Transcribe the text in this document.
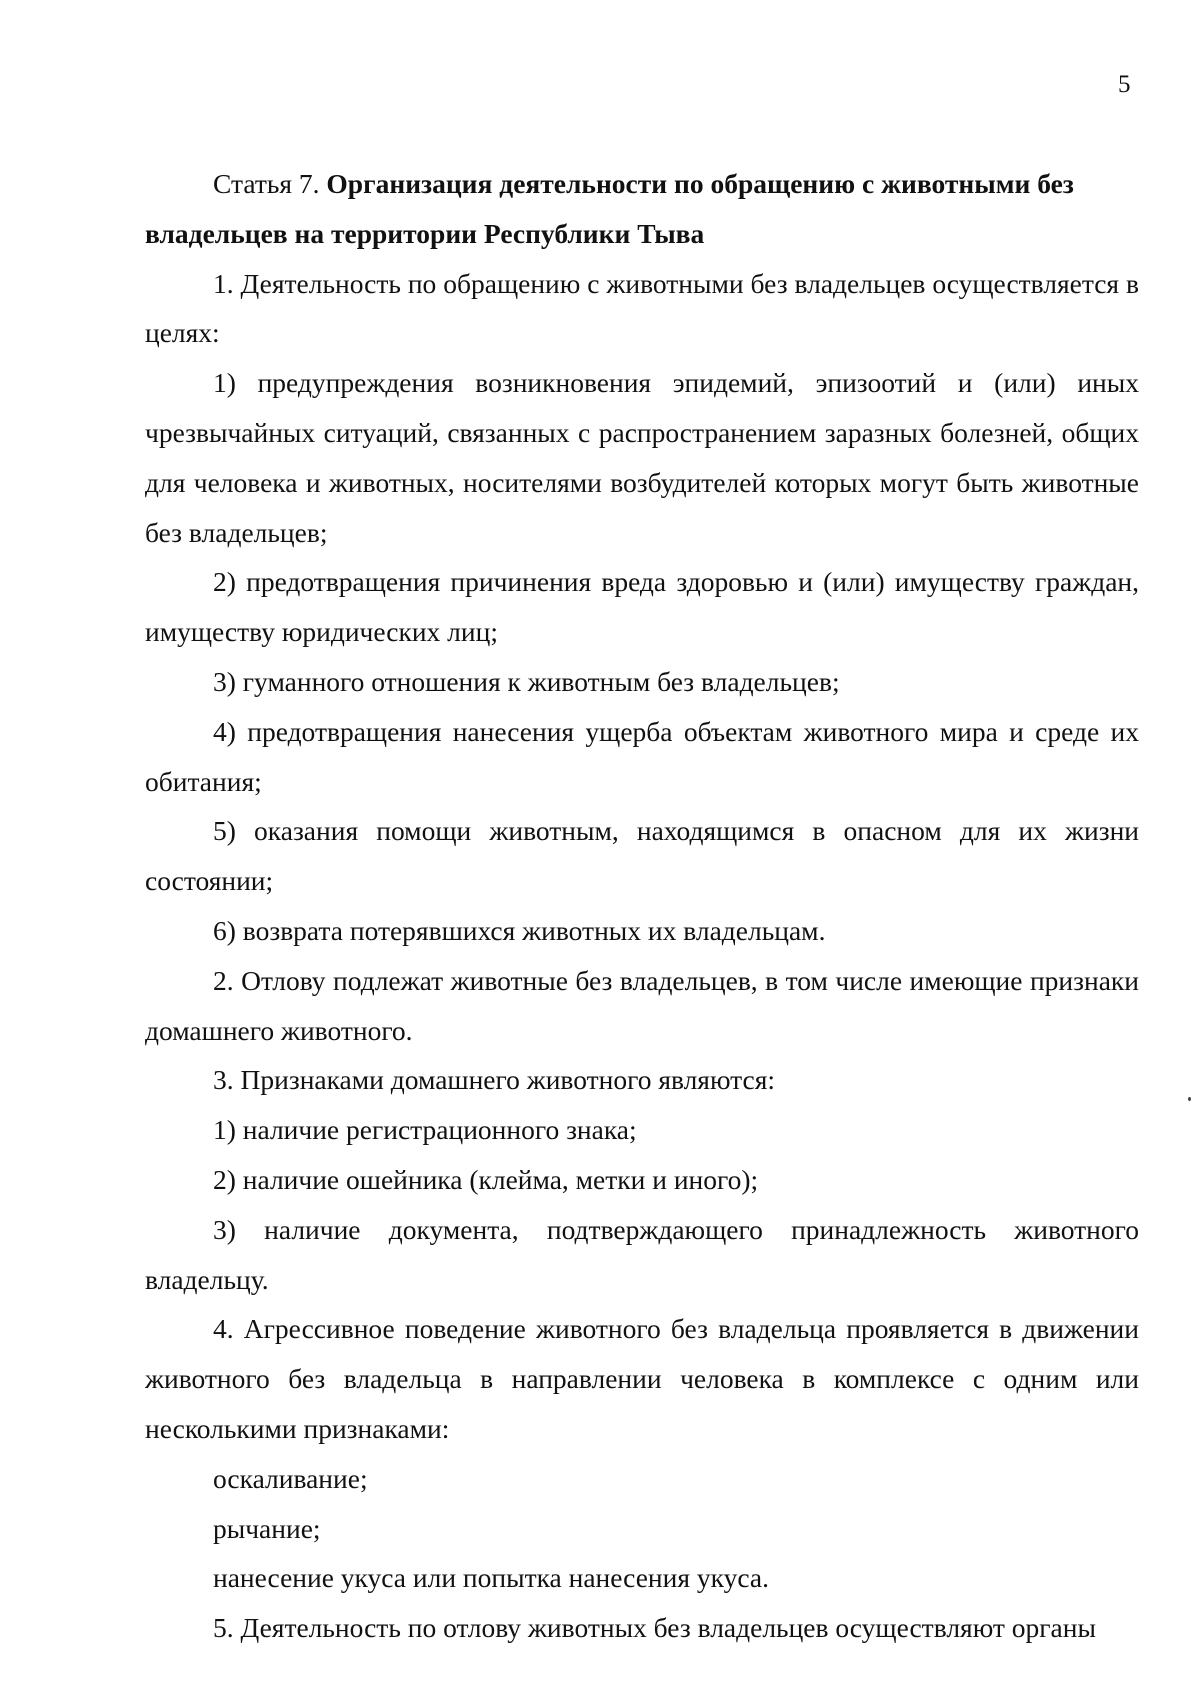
5

Статья 7. Организация деятельности по обращению с животными без владельцев на территории Республики Тыва

1. Деятельность по обращению с животными без владельцев осуществляется в целях:

1) предупреждения возникновения эпидемий, эпизоотий и (или) иных чрезвычайных ситуаций, связанных с распространением заразных болезней, общих для человека и животных, носителями возбудителей которых могут быть животные без владельцев;

2) предотвращения причинения вреда здоровью и (или) имуществу граждан, имуществу юридических лиц;

3) гуманного отношения к животным без владельцев;

4) предотвращения нанесения ущерба объектам животного мира и среде их обитания;

5) оказания помощи животным, находящимся в опасном для их жизни состоянии;

6) возврата потерявшихся животных их владельцам.

2. Отлову подлежат животные без владельцев, в том числе имеющие признаки домашнего животного.

3. Признаками домашнего животного являются:

1) наличие регистрационного знака;

2) наличие ошейника (клейма, метки и иного);

3) наличие документа, подтверждающего принадлежность животного владельцу.

4. Агрессивное поведение животного без владельца проявляется в движении животного без владельца в направлении человека в комплексе с одним или несколькими признаками:

оскаливание;

рычание;

нанесение укуса или попытка нанесения укуса.

5. Деятельность по отлову животных без владельцев осуществляют органы
